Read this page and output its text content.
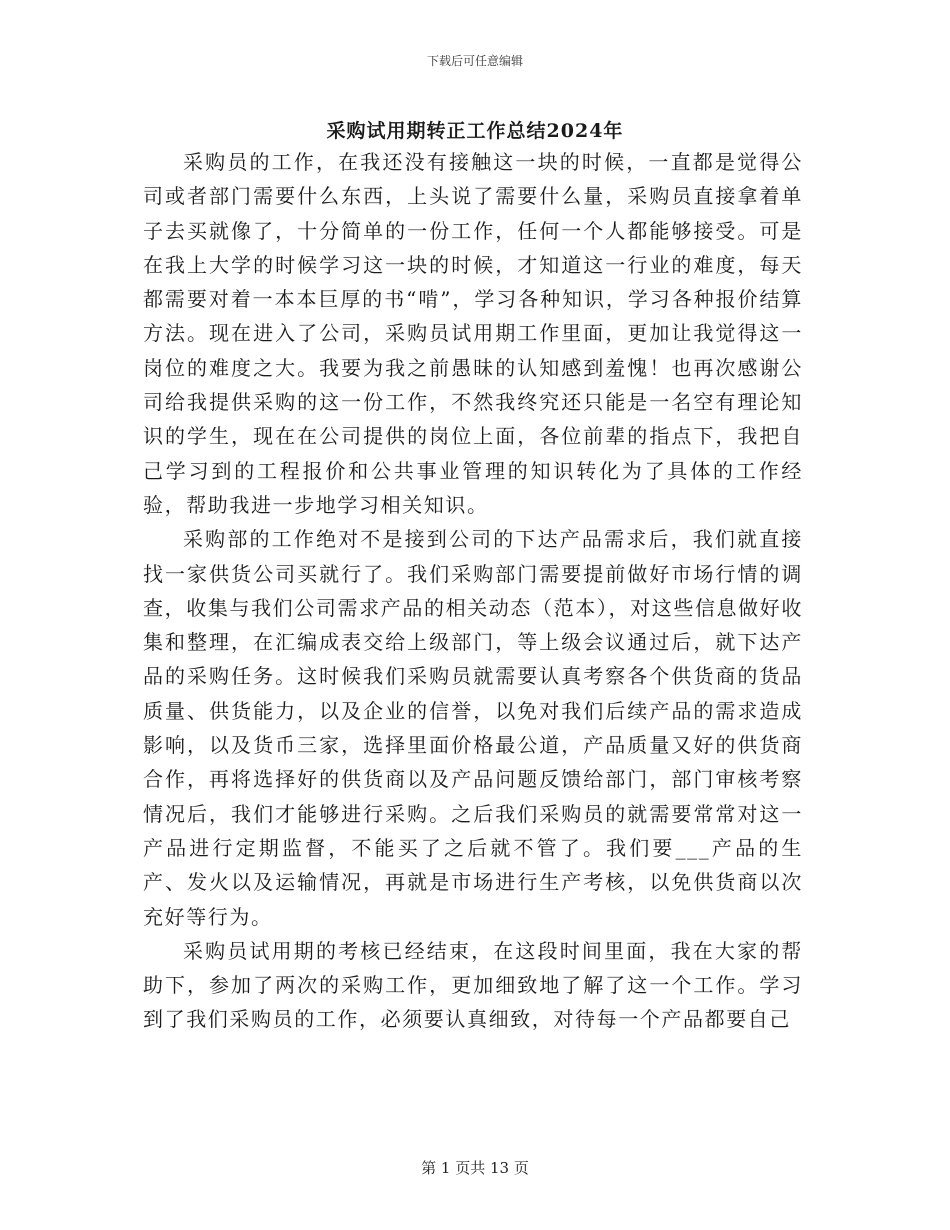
下载后可任意编辑
采购试用期转正工作总结2024年

采购员的工作，在我还没有接触这一块的时候，一直都是觉得公司或者部门需要什么东西，上头说了需要什么量，采购员直接拿着单子去买就像了，十分简单的一份工作，任何一个人都能够接受。可是在我上大学的时候学习这一块的时候，才知道这一行业的难度，每天都需要对着一本本巨厚的书“啃”，学习各种知识，学习各种报价结算方法。现在进入了公司，采购员试用期工作里面，更加让我觉得这一岗位的难度之大。我要为我之前愚昧的认知感到羞愧！也再次感谢公司给我提供采购的这一份工作，不然我终究还只能是一名空有理论知识的学生，现在在公司提供的岗位上面，各位前辈的指点下，我把自己学习到的工程报价和公共事业管理的知识转化为了具体的工作经验，帮助我进一步地学习相关知识。

采购部的工作绝对不是接到公司的下达产品需求后，我们就直接找一家供货公司买就行了。我们采购部门需要提前做好市场行情的调查，收集与我们公司需求产品的相关动态（范本），对这些信息做好收集和整理，在汇编成表交给上级部门，等上级会议通过后，就下达产品的采购任务。这时候我们采购员就需要认真考察各个供货商的货品质量、供货能力，以及企业的信誉，以免对我们后续产品的需求造成影响，以及货币三家，选择里面价格最公道，产品质量又好的供货商合作，再将选择好的供货商以及产品问题反馈给部门，部门审核考察情况后，我们才能够进行采购。之后我们采购员的就需要常常对这一产品进行定期监督，不能买了之后就不管了。我们要___产品的生产、发火以及运输情况，再就是市场进行生产考核，以免供货商以次充好等行为。

采购员试用期的考核已经结束，在这段时间里面，我在大家的帮助下，参加了两次的采购工作，更加细致地了解了这一个工作。学习到了我们采购员的工作，必须要认真细致，对待每一个产品都要自己

第 1 页共 13 页
